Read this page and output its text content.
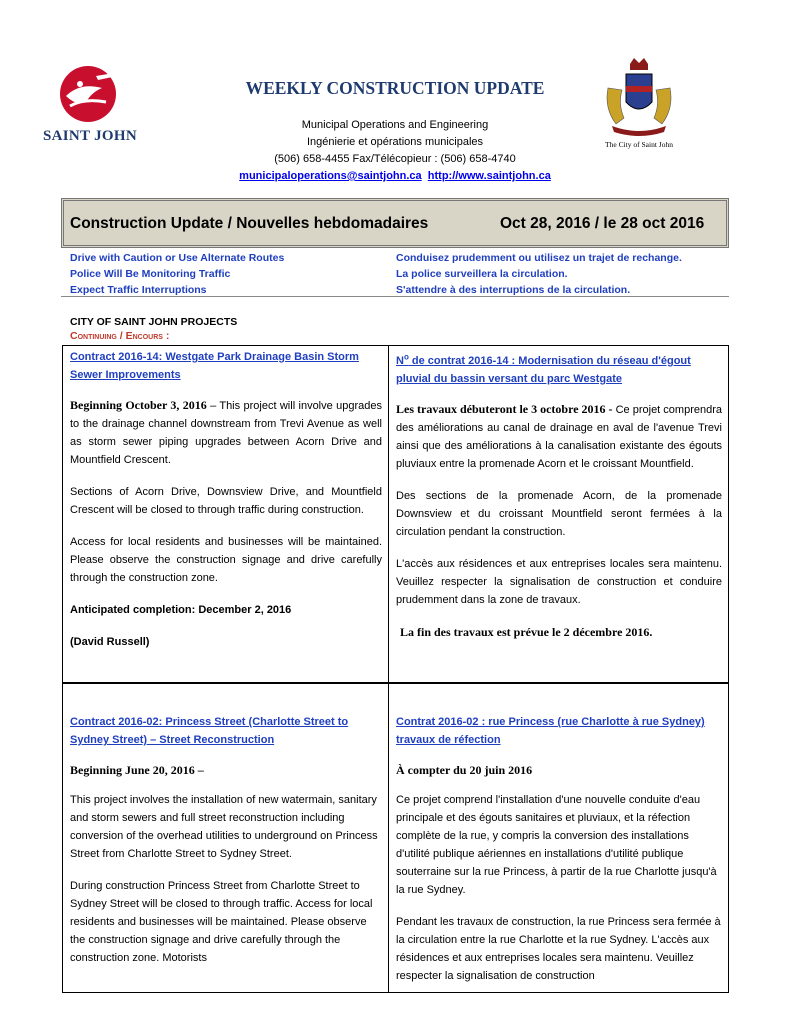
SAINT JOHN
WEEKLY CONSTRUCTION UPDATE
Municipal Operations and Engineering
Ingénierie et opérations municipales
(506) 658-4455 Fax/Télécopieur : (506) 658-4740
municipaloperations@saintjohn.ca http://www.saintjohn.ca
The City of Saint John
Construction Update / Nouvelles hebdomadaires	Oct 28, 2016 / le 28 oct 2016
Drive with Caution or Use Alternate Routes
Police Will Be Monitoring Traffic
Expect Traffic Interruptions
Conduisez prudemment ou utilisez un trajet de rechange.
La police surveillera la circulation.
S'attendre à des interruptions de la circulation.
CITY OF SAINT JOHN PROJECTS
Continuing / Encours :

Contract 2016-14: Westgate Park Drainage Basin Storm Sewer Improvements

Beginning October 3, 2016 – This project will involve upgrades to the drainage channel downstream from Trevi Avenue as well as storm sewer piping upgrades between Acorn Drive and Mountfield Crescent.

Sections of Acorn Drive, Downsview Drive, and Mountfield Crescent will be closed to through traffic during construction.

Access for local residents and businesses will be maintained. Please observe the construction signage and drive carefully through the construction zone.

Anticipated completion: December 2, 2016

(David Russell)

$N^o$ de contrat 2016-14 : Modernisation du réseau d'égout pluvial du bassin versant du parc Westgate

Les travaux débuteront le 3 octobre 2016 - Ce projet comprendra des améliorations au canal de drainage en aval de l'avenue Trevi ainsi que des améliorations à la canalisation existante des égouts pluviaux entre la promenade Acorn et le croissant Mountfield.

Des sections de la promenade Acorn, de la promenade Downsview et du croissant Mountfield seront fermées à la circulation pendant la construction.

L'accès aux résidences et aux entreprises locales sera maintenu. Veuillez respecter la signalisation de construction et conduire prudemment dans la zone de travaux.

La fin des travaux est prévue le 2 décembre 2016.

Contract 2016-02: Princess Street (Charlotte Street to Sydney Street) – Street Reconstruction

Beginning June 20, 2016 –

This project involves the installation of new watermain, sanitary and storm sewers and full street reconstruction including conversion of the overhead utilities to underground on Princess Street from Charlotte Street to Sydney Street.

During construction Princess Street from Charlotte Street to Sydney Street will be closed to through traffic. Access for local residents and businesses will be maintained. Please observe the construction signage and drive carefully through the construction zone. Motorists

Contrat 2016-02 : rue Princess (rue Charlotte à rue Sydney) travaux de réfection

À compter du 20 juin 2016

Ce projet comprend l'installation d'une nouvelle conduite d'eau principale et des égouts sanitaires et pluviaux, et la réfection complète de la rue, y compris la conversion des installations d'utilité publique aériennes en installations d'utilité publique souterraine sur la rue Princess, à partir de la rue Charlotte jusqu'à la rue Sydney.

Pendant les travaux de construction, la rue Princess sera fermée à la circulation entre la rue Charlotte et la rue Sydney. L'accès aux résidences et aux entreprises locales sera maintenu. Veuillez respecter la signalisation de construction
